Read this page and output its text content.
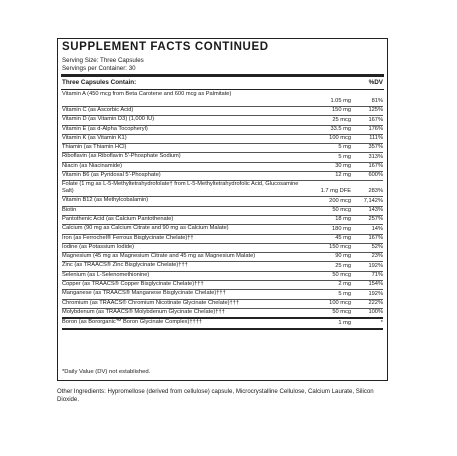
SUPPLEMENT FACTS CONTINUED
Serving Size: Three Capsules
Servings per Container: 30
Three Capsules Contain:	%DV
Vitamin A (450 mcg from Beta Carotene and 600 mcg as Palmitate)
1.05 mg	81%
Vitamin C (as Ascorbic Acid)	150 mg	125%
Vitamin D (as Vitamin D3) (1,000 IU)	25 mcg	167%
Vitamin E (as d-Alpha Tocopheryl)	33.5 mg	176%
Vitamin K (as Vitamin K1)	100 mcg	111%
Thiamin (as Thiamin HCl)	5 mg	357%
Riboflavin (as Riboflavin 5'-Phosphate Sodium)	5 mg	313%
Niacin (as Niacinamide)	30 mg	167%
Vitamin B6 (as Pyridoxal 5'-Phosphate)	12 mg	600%
Folate (1 mg as L-5-Methyltetrahydrofolate† from L-5-Methyltetrahydrofolic Acid, Glucosamine Salt)	1.7 mg DFE	283%
Vitamin B12 (as Methylcobalamin)	200 mcg 7,142%
Biotin	50 mcg	143%
Pantothenic Acid (as Calcium Pantothenate)	18 mg	257%
Calcium (90 mg as Calcium Citrate and 90 mg as Calcium Malate)	180 mg	14%
Iron (as Ferrochel® Ferrous Bisglycinate Chelate)††	45 mg	167%
Iodine (as Potassium Iodide)	150 mcg	52%
Magnesium (45 mg as Magnesium Citrate and 45 mg as Magnesium Malate)	90 mg	23%
Zinc (as TRAACS® Zinc Bisglycinate Chelate)†††	25 mg	192%
Selenium (as L-Selenomethionine)	50 mcg	71%
Copper (as TRAACS® Copper Bisglycinate Chelate)†††	2 mg	154%
Manganese (as TRAACS® Manganese Bisglycinate Chelate)†††	5 mg	192%
Chromium (as TRAACS® Chromium Nicotinate Glycinate Chelate)†††	100 mcg	222%
Molybdenum (as TRAACS® Molybdenum Glycinate Chelate)†††	50 mcg	100%
Boron (as Bororganic™ Boron Glycinate Complex)††††	1 mg	*
*Daily Value (DV) not established.
Other Ingredients: Hypromellose (derived from cellulose) capsule, Microcrystalline Cellulose, Calcium Laurate, Silicon Dioxide.
